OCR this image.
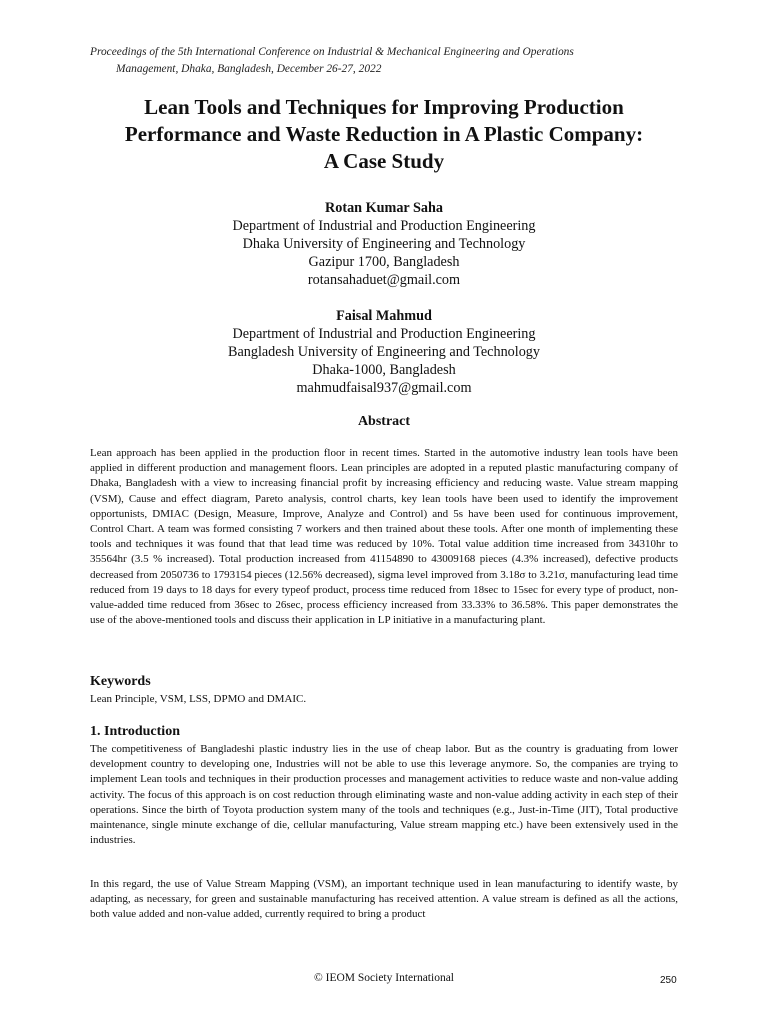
Proceedings of the 5th International Conference on Industrial & Mechanical Engineering and Operations
Management, Dhaka, Bangladesh, December 26-27, 2022
Lean Tools and Techniques for Improving Production
Performance and Waste Reduction in A Plastic Company:
A Case Study
Rotan Kumar Saha
Department of Industrial and Production Engineering
Dhaka University of Engineering and Technology
Gazipur 1700, Bangladesh
rotansahaduet@gmail.com
Faisal Mahmud
Department of Industrial and Production Engineering
Bangladesh University of Engineering and Technology
Dhaka-1000, Bangladesh
mahmudfaisal937@gmail.com
Abstract
Lean approach has been applied in the production floor in recent times. Started in the automotive industry lean tools have been applied in different production and management floors. Lean principles are adopted in a reputed plastic manufacturing company of Dhaka, Bangladesh with a view to increasing financial profit by increasing efficiency and reducing waste. Value stream mapping (VSM), Cause and effect diagram, Pareto analysis, control charts, key lean tools have been used to identify the improvement opportunists, DMIAC (Design, Measure, Improve, Analyze and Control) and 5s have been used for continuous improvement, Control Chart. A team was formed consisting 7 workers and then trained about these tools. After one month of implementing these tools and techniques it was found that that lead time was reduced by 10%. Total value addition time increased from 34310hr to 35564hr (3.5 % increased). Total production increased from 41154890 to 43009168 pieces (4.3% increased), defective products decreased from 2050736 to 1793154 pieces (12.56% decreased), sigma level improved from 3.18σ to 3.21σ, manufacturing lead time reduced from 19 days to 18 days for every typeof product, process time reduced from 18sec to 15sec for every type of product, non-value-added time reduced from 36sec to 26sec, process efficiency increased from 33.33% to 36.58%. This paper demonstrates the use of the above-mentioned tools and discuss their application in LP initiative in a manufacturing plant.
Keywords
Lean Principle, VSM, LSS, DPMO and DMAIC.
1. Introduction
The competitiveness of Bangladeshi plastic industry lies in the use of cheap labor. But as the country is graduating from lower development country to developing one, Industries will not be able to use this leverage anymore. So, the companies are trying to implement Lean tools and techniques in their production processes and management activities to reduce waste and non-value adding activity. The focus of this approach is on cost reduction through eliminating waste and non-value adding activity in each step of their operations. Since the birth of Toyota production system many of the tools and techniques (e.g., Just-in-Time (JIT), Total productive maintenance, single minute exchange of die, cellular manufacturing, Value stream mapping etc.) have been extensively used in the industries.
In this regard, the use of Value Stream Mapping (VSM), an important technique used in lean manufacturing to identify waste, by adapting, as necessary, for green and sustainable manufacturing has received attention. A value stream is defined as all the actions, both value added and non-value added, currently required to bring a product
© IEOM Society International	250
